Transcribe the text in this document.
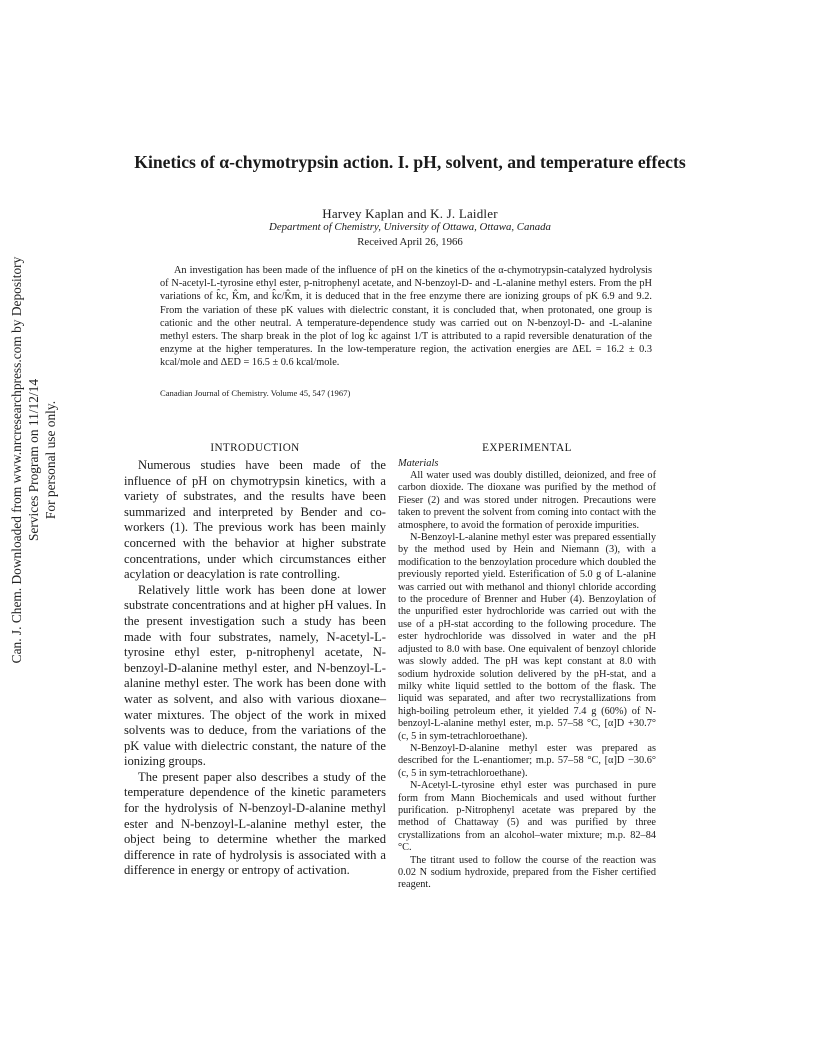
Can. J. Chem. Downloaded from www.nrcresearchpress.com by Depository Services Program on 11/12/14 For personal use only.
Kinetics of α-chymotrypsin action. I. pH, solvent, and temperature effects
Harvey Kaplan and K. J. Laidler
Department of Chemistry, University of Ottawa, Ottawa, Canada
Received April 26, 1966

An investigation has been made of the influence of pH on the kinetics of the α-chymotrypsin-catalyzed hydrolysis of N-acetyl-L-tyrosine ethyl ester, p-nitrophenyl acetate, and N-benzoyl-D- and -L-alanine methyl esters. From the pH variations of k̂c, K̂m, and k̂c/K̂m, it is deduced that in the free enzyme there are ionizing groups of pK 6.9 and 9.2. From the variation of these pK values with dielectric constant, it is concluded that, when protonated, one group is cationic and the other neutral. A temperature-dependence study was carried out on N-benzoyl-D- and -L-alanine methyl esters. The sharp break in the plot of log k̂c against 1/T is attributed to a rapid reversible denaturation of the enzyme at the higher temperatures. In the low-temperature region, the activation energies are ΔEL = 16.2 ± 0.3 kcal/mole and ΔED = 16.5 ± 0.6 kcal/mole.

Canadian Journal of Chemistry. Volume 45, 547 (1967)
INTRODUCTION

Numerous studies have been made of the influence of pH on chymotrypsin kinetics, with a variety of substrates, and the results have been summarized and interpreted by Bender and co-workers (1). The previous work has been mainly concerned with the behavior at higher substrate concentrations, under which circumstances either acylation or deacylation is rate controlling.

Relatively little work has been done at lower substrate concentrations and at higher pH values. In the present investigation such a study has been made with four substrates, namely, N-acetyl-L-tyrosine ethyl ester, p-nitrophenyl acetate, N-benzoyl-D-alanine methyl ester, and N-benzoyl-L-alanine methyl ester. The work has been done with water as solvent, and also with various dioxane–water mixtures. The object of the work in mixed solvents was to deduce, from the variations of the pK value with dielectric constant, the nature of the ionizing groups.

The present paper also describes a study of the temperature dependence of the kinetic parameters for the hydrolysis of N-benzoyl-D-alanine methyl ester and N-benzoyl-L-alanine methyl ester, the object being to determine whether the marked difference in rate of hydrolysis is associated with a difference in energy or entropy of activation.

EXPERIMENTAL
Materials

All water used was doubly distilled, deionized, and free of carbon dioxide. The dioxane was purified by the method of Fieser (2) and was stored under nitrogen. Precautions were taken to prevent the solvent from coming into contact with the atmosphere, to avoid the formation of peroxide impurities.

N-Benzoyl-L-alanine methyl ester was prepared essentially by the method used by Hein and Niemann (3), with a modification to the benzoylation procedure which doubled the previously reported yield. Esterification of 5.0 g of L-alanine was carried out with methanol and thionyl chloride according to the procedure of Brenner and Huber (4). Benzoylation of the unpurified ester hydrochloride was carried out with the use of a pH-stat according to the following procedure. The ester hydrochloride was dissolved in water and the pH adjusted to 8.0 with base. One equivalent of benzoyl chloride was slowly added. The pH was kept constant at 8.0 with sodium hydroxide solution delivered by the pH-stat, and a milky white liquid settled to the bottom of the flask. The liquid was separated, and after two recrystallizations from high-boiling petroleum ether, it yielded 7.4 g (60%) of N-benzoyl-L-alanine methyl ester, m.p. 57–58 °C, [α]D +30.7° (c, 5 in sym-tetrachloroethane).

N-Benzoyl-D-alanine methyl ester was prepared as described for the L-enantiomer; m.p. 57–58 °C, [α]D −30.6° (c, 5 in sym-tetrachloroethane).

N-Acetyl-L-tyrosine ethyl ester was purchased in pure form from Mann Biochemicals and used without further purification. p-Nitrophenyl acetate was prepared by the method of Chattaway (5) and was purified by three crystallizations from an alcohol–water mixture; m.p. 82–84 °C.

The titrant used to follow the course of the reaction was 0.02 N sodium hydroxide, prepared from the Fisher certified reagent.
